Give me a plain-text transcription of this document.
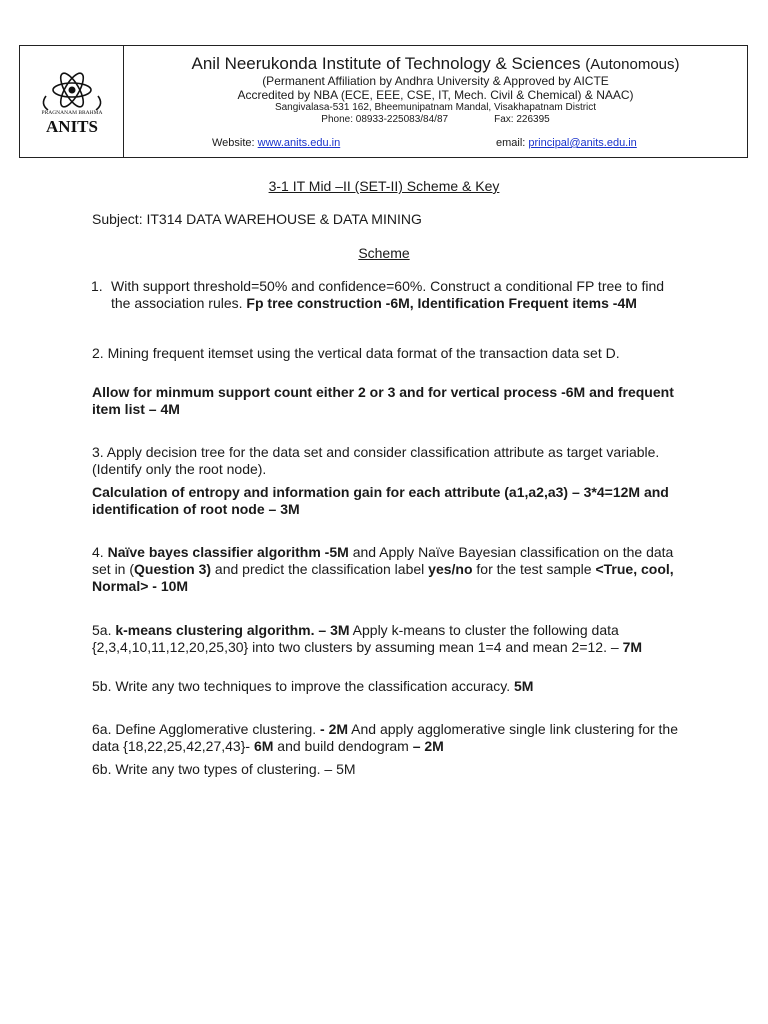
PRAGNANAM BRAHMA
ANITS
Anil Neerukonda Institute of Technology & Sciences (Autonomous)
(Permanent Affiliation by Andhra University & Approved by AICTE
Accredited by NBA (ECE, EEE, CSE, IT, Mech. Civil & Chemical) & NAAC)
Sangivalasa-531 162, Bheemunipatnam Mandal, Visakhapatnam District
Phone: 08933-225083/84/87	Fax: 226395
Website: www.anits.edu.in	email: principal@anits.edu.in
3-1 IT Mid –II (SET-II) Scheme & Key
Subject: IT314 DATA WAREHOUSE & DATA MINING
Scheme
1. With support threshold=50% and confidence=60%. Construct a conditional FP tree to find the association rules. Fp tree construction -6M, Identification Frequent items -4M
2. Mining frequent itemset using the vertical data format of the transaction data set D.
Allow for minmum support count either 2 or 3 and for vertical process -6M and frequent item list – 4M
3. Apply decision tree for the data set and consider classification attribute as target variable. (Identify only the root node).
Calculation of entropy and information gain for each attribute (a1,a2,a3) – 3*4=12M and identification of root node – 3M
4. Naïve bayes classifier algorithm -5M and Apply Naïve Bayesian classification on the data set in (Question 3) and predict the classification label yes/no for the test sample <True, cool, Normal> - 10M
5a. k-means clustering algorithm. – 3M Apply k-means to cluster the following data {2,3,4,10,11,12,20,25,30} into two clusters by assuming mean 1=4 and mean 2=12. – 7M
5b. Write any two techniques to improve the classification accuracy. 5M
6a. Define Agglomerative clustering. - 2M And apply agglomerative single link clustering for the data {18,22,25,42,27,43}- 6M and build dendogram – 2M
6b. Write any two types of clustering. – 5M
